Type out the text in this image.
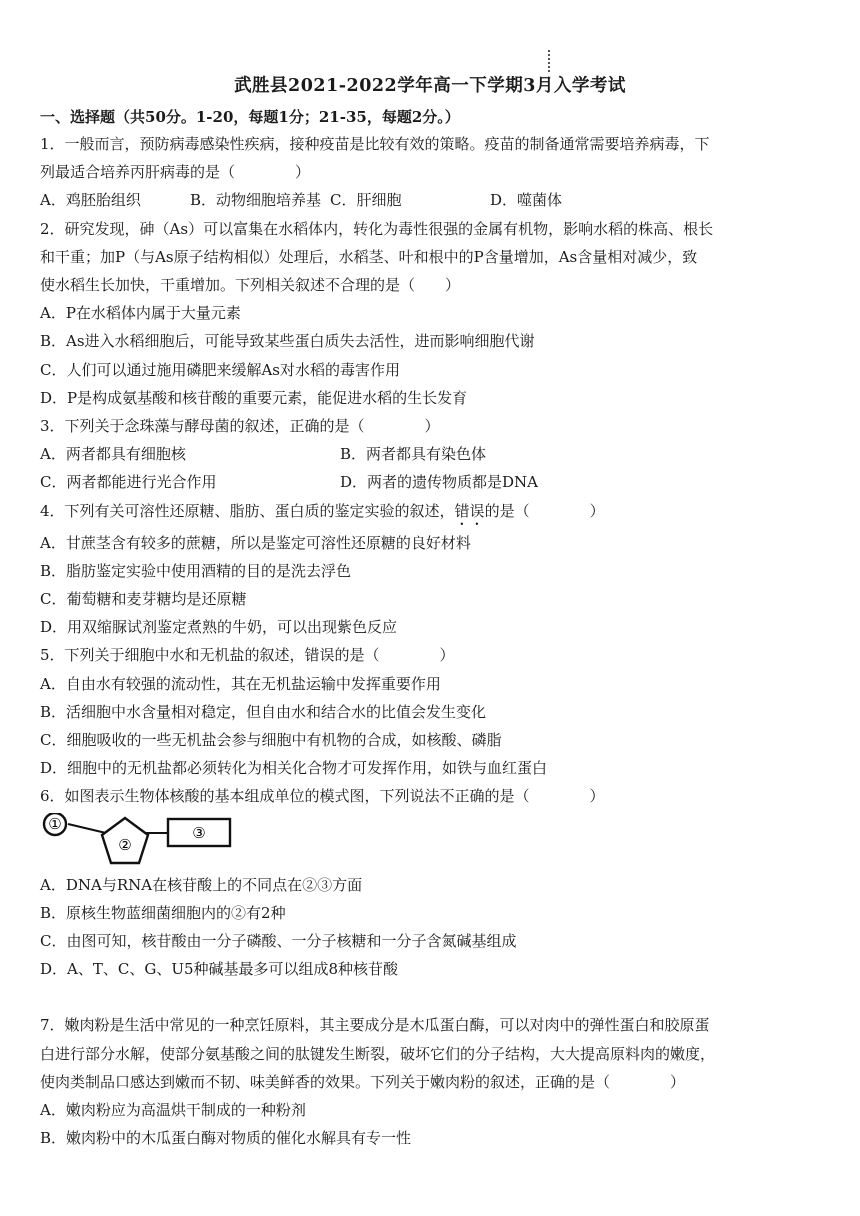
武胜县2021-2022学年高一下学期3月入学考试
一、选择题（共50分。1-20，每题1分；21-35，每题2分。）
1．一般而言，预防病毒感染性疾病，接种疫苗是比较有效的策略。疫苗的制备通常需要培养病毒，下
列最适合培养丙肝病毒的是（　　　　）
A．鸡胚胎组织	B．动物细胞培养基 C．肝细胞	D．噬菌体
2．研究发现，砷（As）可以富集在水稻体内，转化为毒性很强的金属有机物，影响水稻的株高、根长
和干重；加P（与As原子结构相似）处理后，水稻茎、叶和根中的P含量增加，As含量相对减少，致
使水稻生长加快，干重增加。下列相关叙述不合理的是（　　）
A．P在水稻体内属于大量元素
B．As进入水稻细胞后，可能导致某些蛋白质失去活性，进而影响细胞代谢
C．人们可以通过施用磷肥来缓解As对水稻的毒害作用
D．P是构成氨基酸和核苷酸的重要元素，能促进水稻的生长发育
3．下列关于念珠藻与酵母菌的叙述，正确的是（　　　　）
A．两者都具有细胞核	B．两者都具有染色体
C．两者都能进行光合作用	D．两者的遗传物质都是DNA
4．下列有关可溶性还原糖、脂肪、蛋白质的鉴定实验的叙述，错误的是（　　　　）
A．甘蔗茎含有较多的蔗糖，所以是鉴定可溶性还原糖的良好材料
B．脂肪鉴定实验中使用酒精的目的是洗去浮色
C．葡萄糖和麦芽糖均是还原糖
D．用双缩脲试剂鉴定煮熟的牛奶，可以出现紫色反应
5．下列关于细胞中水和无机盐的叙述，错误的是（　　　　）
A．自由水有较强的流动性，其在无机盐运输中发挥重要作用
B．活细胞中水含量相对稳定，但自由水和结合水的比值会发生变化
C．细胞吸收的一些无机盐会参与细胞中有机物的合成，如核酸、磷脂
D．细胞中的无机盐都必须转化为相关化合物才可发挥作用，如铁与血红蛋白
6．如图表示生物体核酸的基本组成单位的模式图，下列说法不正确的是（　　　　）
①
②
③
A．DNA与RNA在核苷酸上的不同点在②③方面
B．原核生物蓝细菌细胞内的②有2种
C．由图可知，核苷酸由一分子磷酸、一分子核糖和一分子含氮碱基组成
D．A、T、C、G、U5种碱基最多可以组成8种核苷酸
7．嫩肉粉是生活中常见的一种烹饪原料，其主要成分是木瓜蛋白酶，可以对肉中的弹性蛋白和胶原蛋
白进行部分水解，使部分氨基酸之间的肽键发生断裂，破坏它们的分子结构，大大提高原料肉的嫩度，
使肉类制品口感达到嫩而不韧、味美鲜香的效果。下列关于嫩肉粉的叙述，正确的是（　　　　）
A．嫩肉粉应为高温烘干制成的一种粉剂
B．嫩肉粉中的木瓜蛋白酶对物质的催化水解具有专一性
